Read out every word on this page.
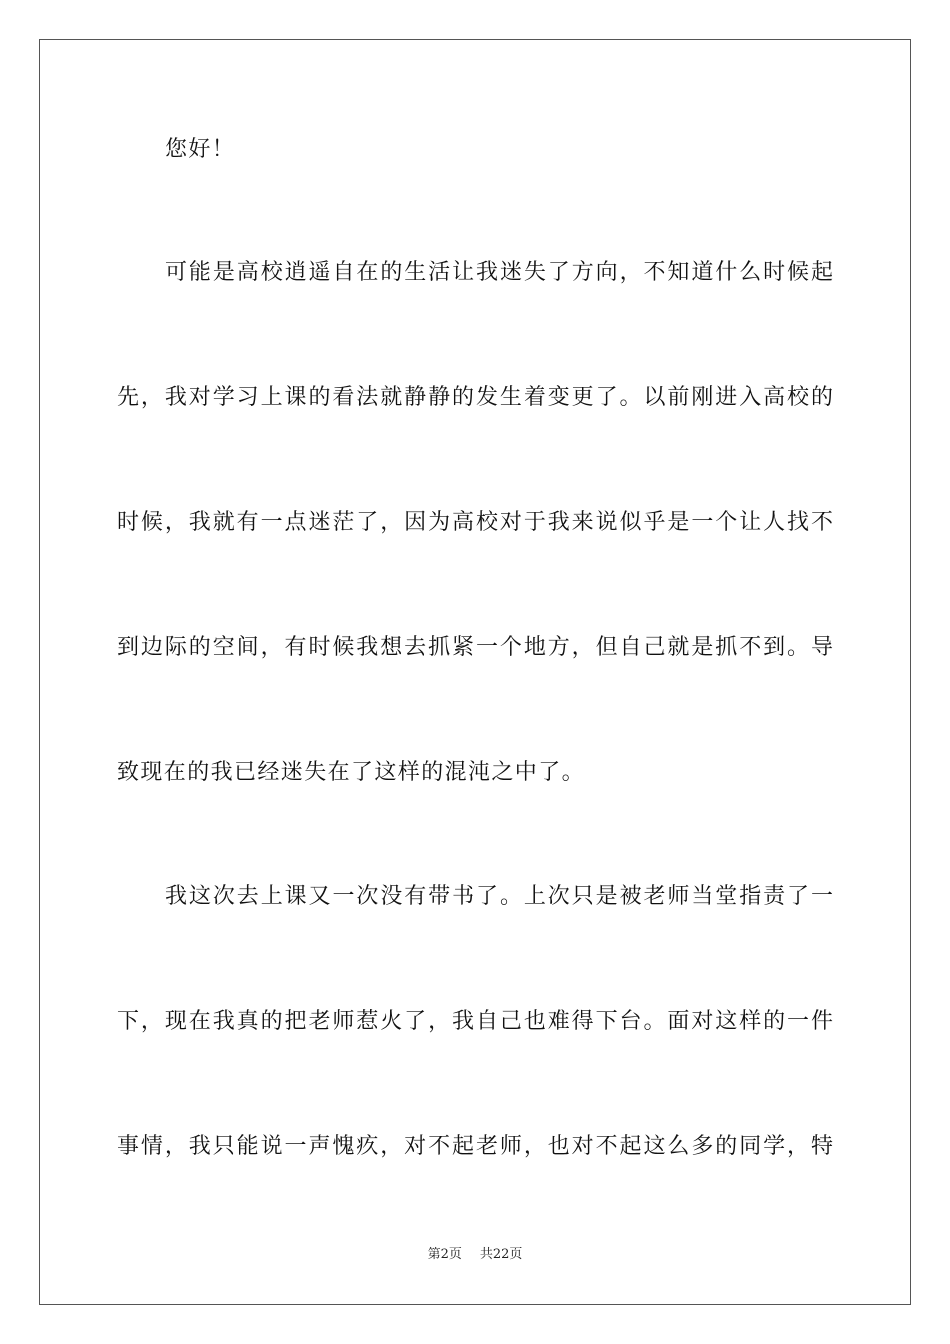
您好！
可能是高校逍遥自在的生活让我迷失了方向，不知道什么时候起
先，我对学习上课的看法就静静的发生着变更了。以前刚进入高校的
时候，我就有一点迷茫了，因为高校对于我来说似乎是一个让人找不
到边际的空间，有时候我想去抓紧一个地方，但自己就是抓不到。导
致现在的我已经迷失在了这样的混沌之中了。
我这次去上课又一次没有带书了。上次只是被老师当堂指责了一
下，现在我真的把老师惹火了，我自己也难得下台。面对这样的一件
事情，我只能说一声愧疚，对不起老师，也对不起这么多的同学，特
第2页 共22页
